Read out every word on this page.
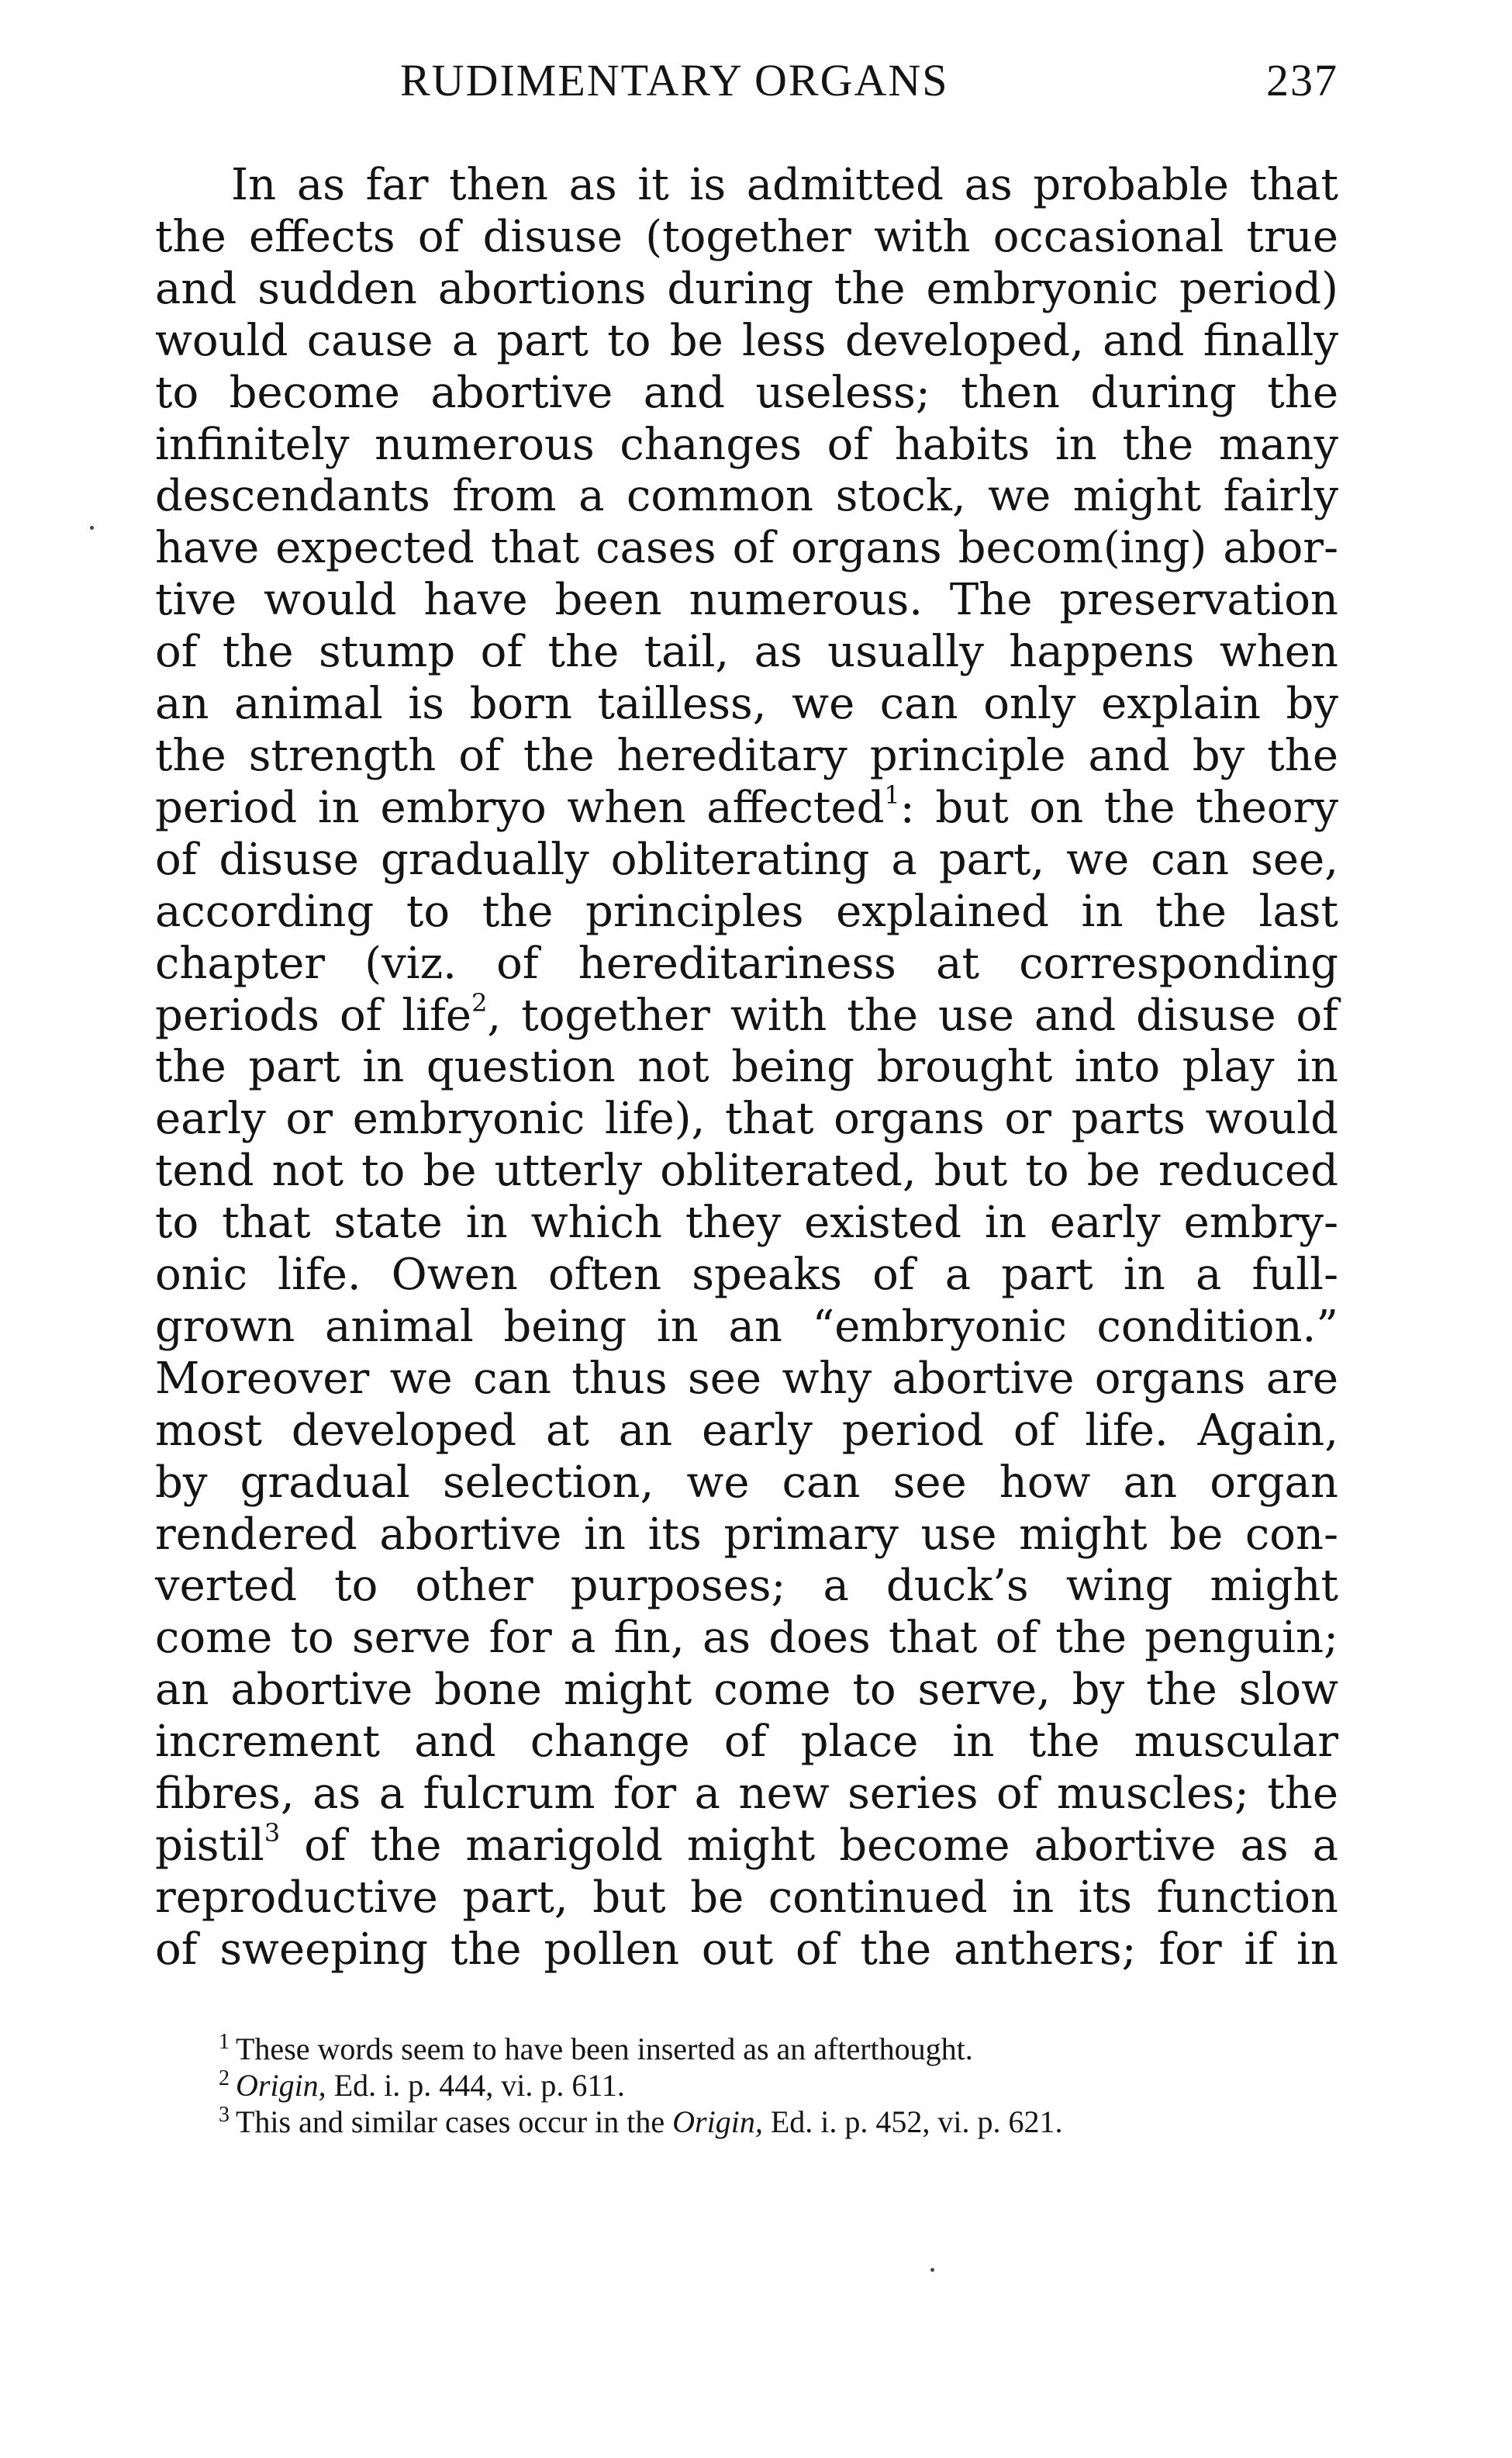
RUDIMENTARY ORGANS	237
In as far then as it is admitted as probable that
the effects of disuse (together with occasional true
and sudden abortions during the embryonic period)
would cause a part to be less developed, and finally
to become abortive and useless; then during the
infinitely numerous changes of habits in the many
descendants from a common stock, we might fairly
have expected that cases of organs becom(ing) abor-
tive would have been numerous. The preservation
of the stump of the tail, as usually happens when
an animal is born tailless, we can only explain by
the strength of the hereditary principle and by the
period in embryo when affected$^1$: but on the theory
of disuse gradually obliterating a part, we can see,
according to the principles explained in the last
chapter (viz. of hereditariness at corresponding
periods of life$^2$, together with the use and disuse of
the part in question not being brought into play in
early or embryonic life), that organs or parts would
tend not to be utterly obliterated, but to be reduced
to that state in which they existed in early embry-
onic life. Owen often speaks of a part in a full-
grown animal being in an “embryonic condition.”
Moreover we can thus see why abortive organs are
most developed at an early period of life. Again,
by gradual selection, we can see how an organ
rendered abortive in its primary use might be con-
verted to other purposes; a duck’s wing might
come to serve for a fin, as does that of the penguin;
an abortive bone might come to serve, by the slow
increment and change of place in the muscular
fibres, as a fulcrum for a new series of muscles; the
pistil$^3$ of the marigold might become abortive as a
reproductive part, but be continued in its function
of sweeping the pollen out of the anthers; for if in
$^1$ These words seem to have been inserted as an afterthought.
$^2$ Origin, Ed. i. p. 444, vi. p. 611.
$^3$ This and similar cases occur in the Origin, Ed. i. p. 452, vi. p. 621.
